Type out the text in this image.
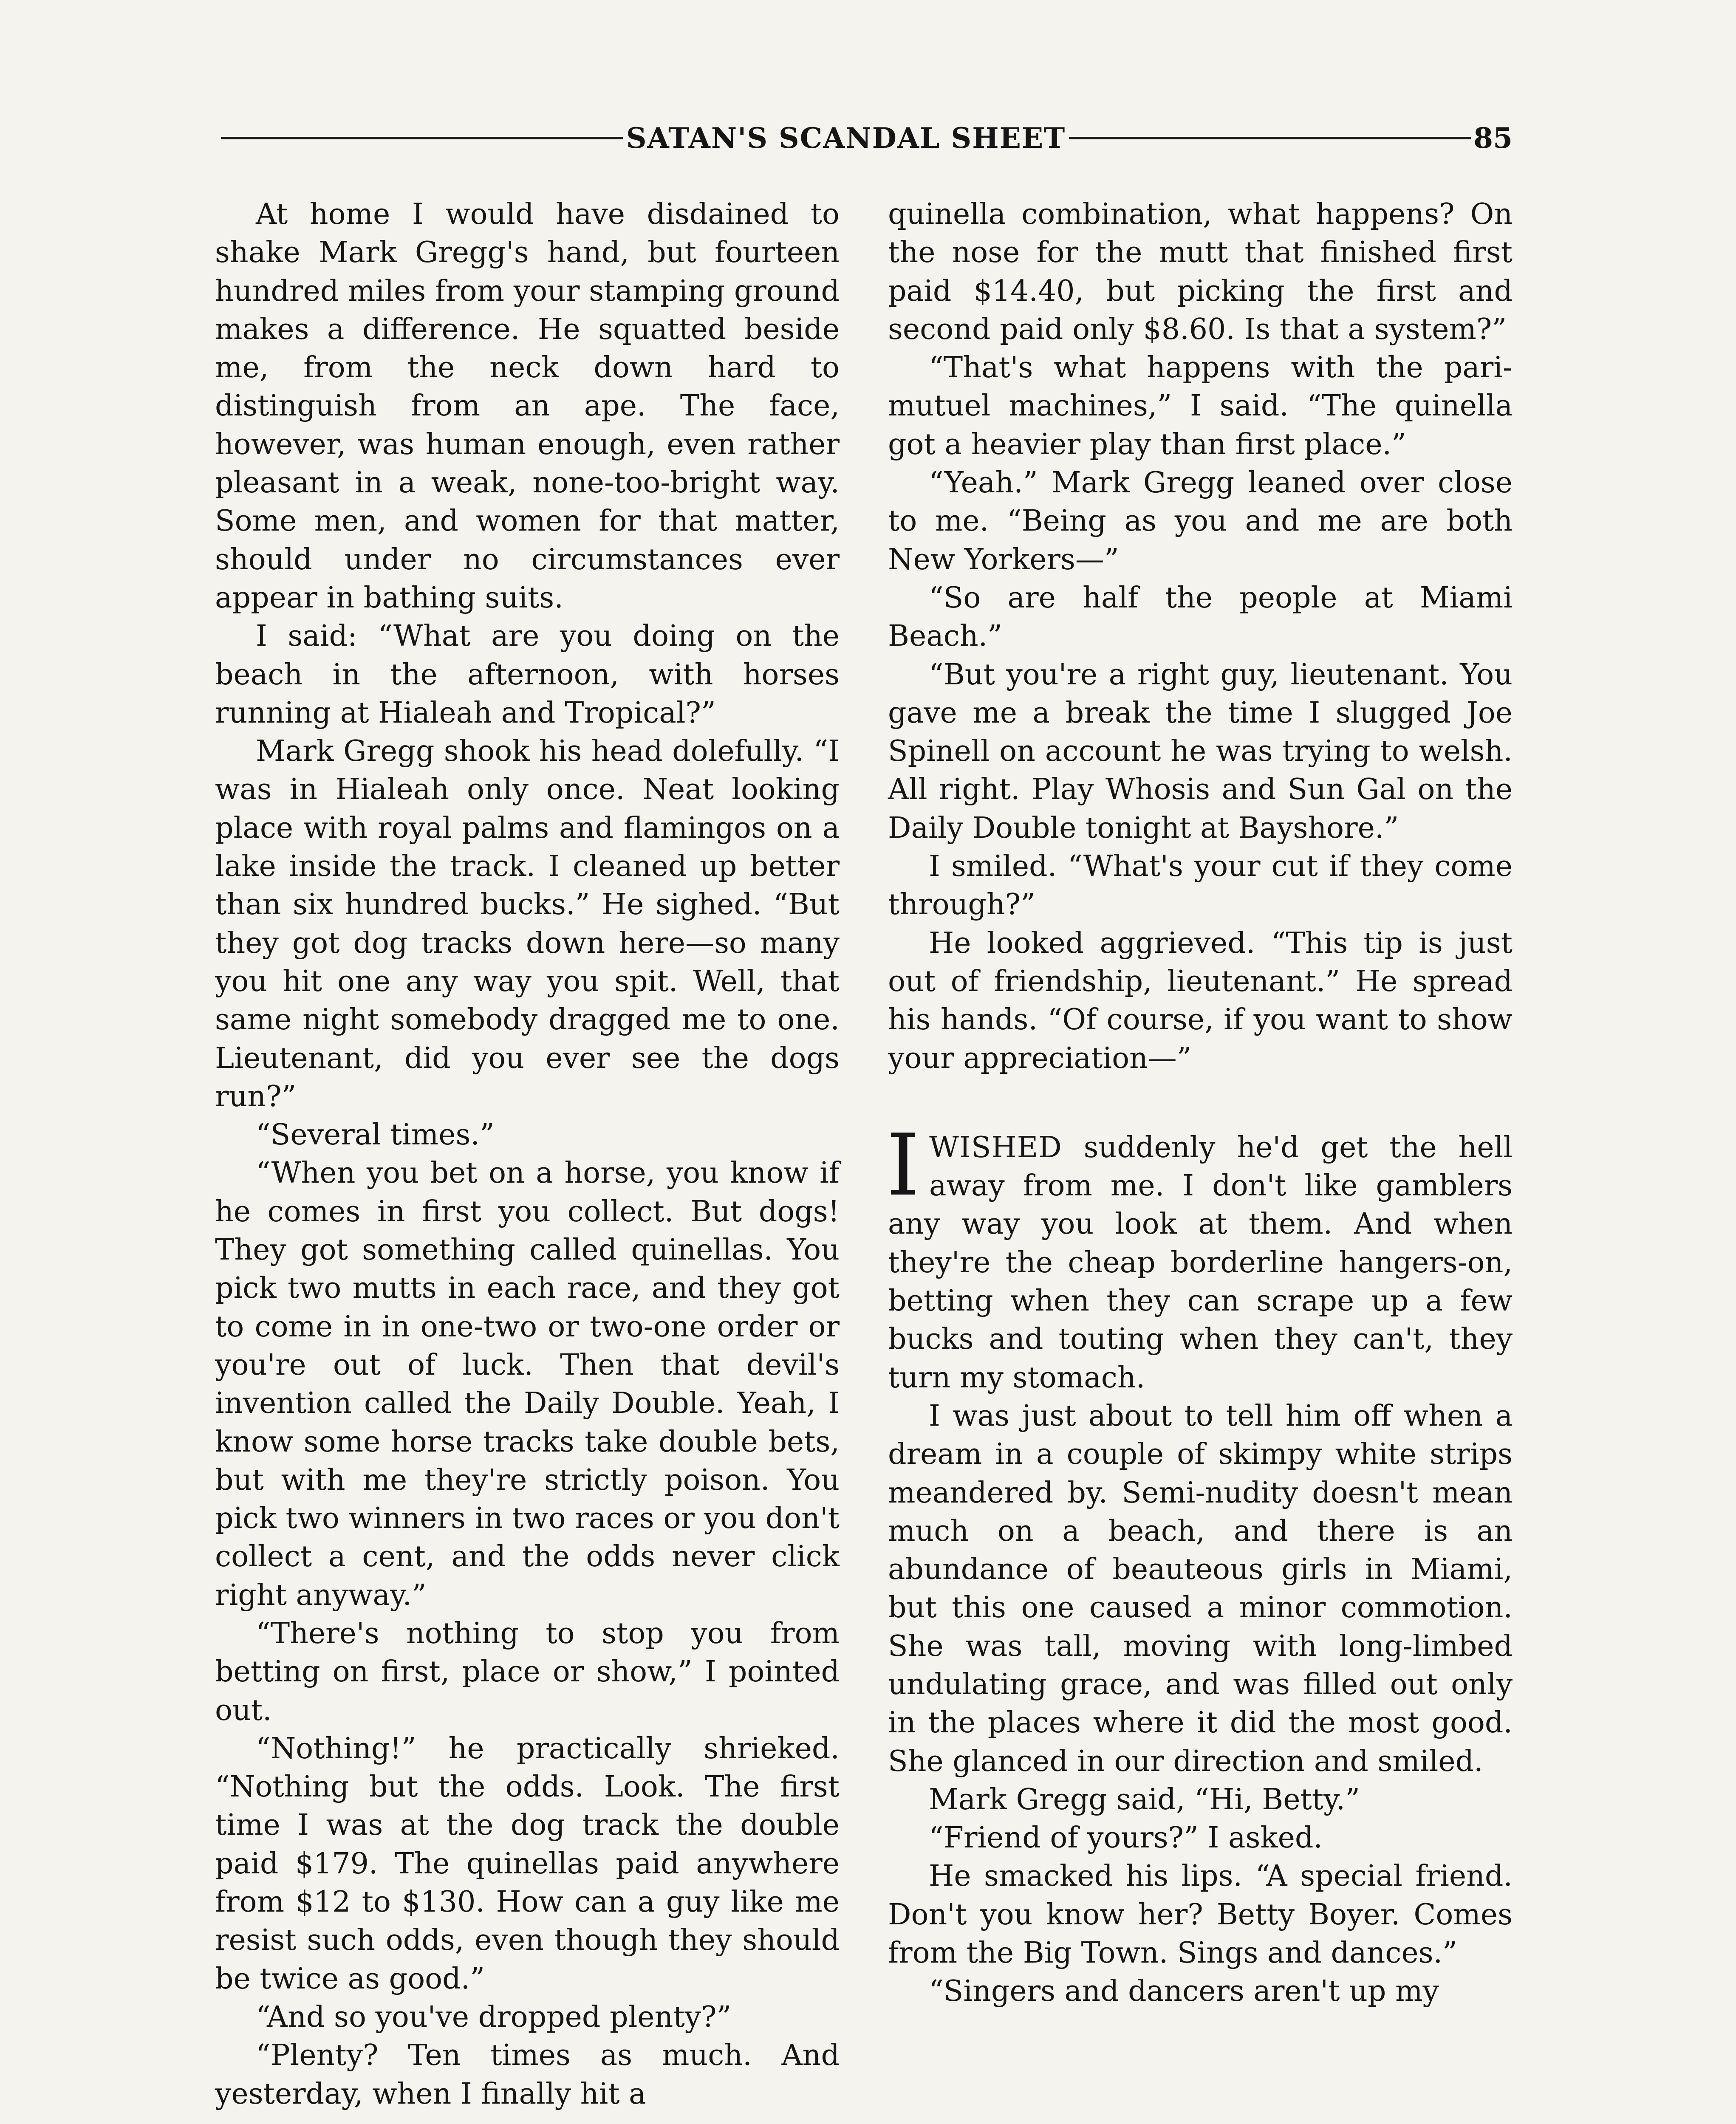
SATAN'S SCANDAL SHEET	85

At home I would have disdained to shake Mark Gregg's hand, but fourteen hundred miles from your stamping ground makes a difference. He squatted beside me, from the neck down hard to distinguish from an ape. The face, however, was human enough, even rather pleasant in a weak, none-too-bright way. Some men, and women for that matter, should under no circumstances ever appear in bathing suits.

I said: “What are you doing on the beach in the afternoon, with horses running at Hialeah and Tropical?”

Mark Gregg shook his head dolefully. “I was in Hialeah only once. Neat looking place with royal palms and flamingos on a lake inside the track. I cleaned up better than six hundred bucks.” He sighed. “But they got dog tracks down here—so many you hit one any way you spit. Well, that same night somebody dragged me to one. Lieutenant, did you ever see the dogs run?”

“Several times.”

“When you bet on a horse, you know if he comes in first you collect. But dogs! They got something called quinellas. You pick two mutts in each race, and they got to come in in one-two or two-one order or you're out of luck. Then that devil's invention called the Daily Double. Yeah, I know some horse tracks take double bets, but with me they're strictly poison. You pick two winners in two races or you don't collect a cent, and the odds never click right anyway.”

“There's nothing to stop you from betting on first, place or show,” I pointed out.

“Nothing!” he practically shrieked. “Nothing but the odds. Look. The first time I was at the dog track the double paid $179. The quinellas paid anywhere from $12 to $130. How can a guy like me resist such odds, even though they should be twice as good.”

“And so you've dropped plenty?”

“Plenty? Ten times as much. And yesterday, when I finally hit a

quinella combination, what happens? On the nose for the mutt that finished first paid $14.40, but picking the first and second paid only $8.60. Is that a system?”

“That's what happens with the pari-mutuel machines,” I said. “The quinella got a heavier play than first place.”

“Yeah.” Mark Gregg leaned over close to me. “Being as you and me are both New Yorkers—”

“So are half the people at Miami Beach.”

“But you're a right guy, lieutenant. You gave me a break the time I slugged Joe Spinell on account he was trying to welsh. All right. Play Whosis and Sun Gal on the Daily Double tonight at Bayshore.”

I smiled. “What's your cut if they come through?”

He looked aggrieved. “This tip is just out of friendship, lieutenant.” He spread his hands. “Of course, if you want to show your appreciation—”

IWISHED suddenly he'd get the hell away from me. I don't like gamblers any way you look at them. And when they're the cheap borderline hangers-on, betting when they can scrape up a few bucks and touting when they can't, they turn my stomach.

I was just about to tell him off when a dream in a couple of skimpy white strips meandered by. Semi-nudity doesn't mean much on a beach, and there is an abundance of beauteous girls in Miami, but this one caused a minor commotion. She was tall, moving with long-limbed undulating grace, and was filled out only in the places where it did the most good. She glanced in our direction and smiled.

Mark Gregg said, “Hi, Betty.”

“Friend of yours?” I asked.

He smacked his lips. “A special friend. Don't you know her? Betty Boyer. Comes from the Big Town. Sings and dances.”

“Singers and dancers aren't up my
